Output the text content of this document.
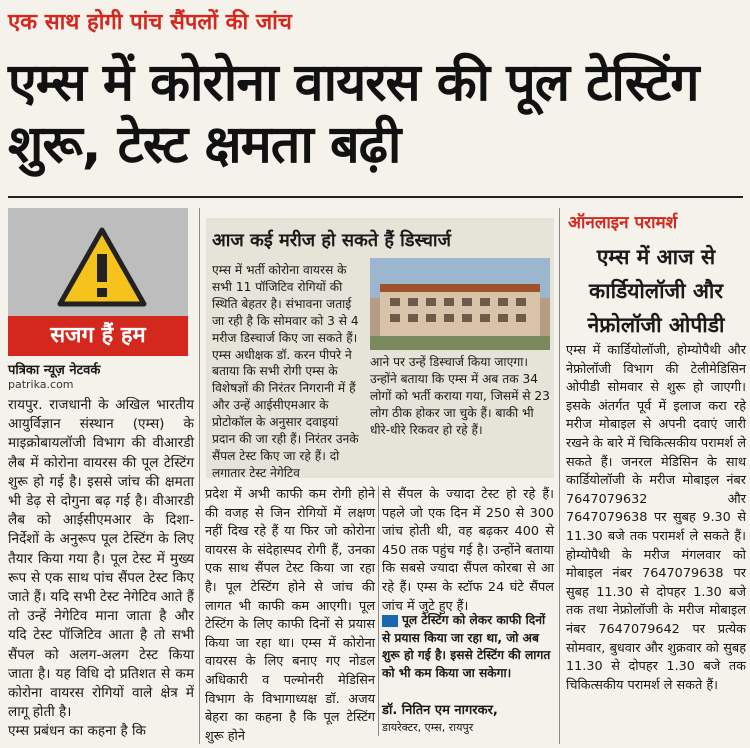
एक साथ होगी पांच सैंपलों की जांच
एम्स में कोरोना वायरस की पूल टेस्टिंग शुरू, टेस्ट क्षमता बढ़ी
सजग हैं हम
पत्रिका न्यूज़ नेटवर्क
patrika.com
रायपुर. राजधानी के अखिल भारतीय आयुर्विज्ञान संस्थान (एम्स) के माइक्रोबायलॉजी विभाग की वीआरडी लैब में कोरोना वायरस की पूल टेस्टिंग शुरू हो गई है। इससे जांच की क्षमता भी डेढ़ से दोगुना बढ़ गई है। वीआरडी लैब को आईसीएमआर के दिशा-निर्देशों के अनुरूप पूल टेस्टिंग के लिए तैयार किया गया है। पूल टेस्ट में मुख्य रूप से एक साथ पांच सैंपल टेस्ट किए जाते हैं। यदि सभी टेस्ट नेगेटिव आते हैं तो उन्हें नेगेटिव माना जाता है और यदि टेस्ट पॉजिटिव आता है तो सभी सैंपल को अलग-अलग टेस्ट किया जाता है। यह विधि दो प्रतिशत से कम कोरोना वायरस रोगियों वाले क्षेत्र में लागू होती है।
एम्स प्रबंधन का कहना है कि
आज कई मरीज हो सकते हैं डिस्चार्ज
एम्स में भर्ती कोरोना वायरस के सभी 11 पॉजिटिव रोगियों की स्थिति बेहतर है। संभावना जताई जा रही है कि सोमवार को 3 से 4 मरीज डिस्चार्ज किए जा सकते हैं। एम्स अधीक्षक डॉ. करन पीपरे ने बताया कि सभी रोगी एम्स के विशेषज्ञों की निरंतर निगरानी में हैं और उन्हें आईसीएमआर के प्रोटोकॉल के अनुसार दवाइयां प्रदान की जा रही हैं। निरंतर उनके सैंपल टेस्ट किए जा रहे हैं। दो लगातार टेस्ट नेगेटिव
आने पर उन्हें डिस्चार्ज किया जाएगा। उन्होंने बताया कि एम्स में अब तक 34 लोगों को भर्ती कराया गया, जिसमें से 23 लोग ठीक होकर जा चुके हैं। बाकी भी धीरे-धीरे रिकवर हो रहे हैं।
प्रदेश में अभी काफी कम रोगी होने की वजह से जिन रोगियों में लक्षण नहीं दिख रहे हैं या फिर जो कोरोना वायरस के संदेहास्पद रोगी हैं, उनका एक साथ सैंपल टेस्ट किया जा रहा है। पूल टेस्टिंग होने से जांच की लागत भी काफी कम आएगी। पूल टेस्टिंग के लिए काफी दिनों से प्रयास किया जा रहा था। एम्स में कोरोना वायरस के लिए बनाए गए नोडल अधिकारी व पल्मोनरी मेडिसिन विभाग के विभागाध्यक्ष डॉ. अजय बेहरा का कहना है कि पूल टेस्टिंग शुरू होने
से सैंपल के ज्यादा टेस्ट हो रहे हैं। पहले जो एक दिन में 250 से 300 जांच होती थी, वह बढ़कर 400 से 450 तक पहुंच गई है। उन्होंने बताया कि सबसे ज्यादा सैंपल कोरबा से आ रहे हैं। एम्स के स्टॉफ 24 घंटे सैंपल जांच में जुटे हुए हैं।
पूल टेस्टिंग को लेकर काफी दिनों से प्रयास किया जा रहा था, जो अब शुरू हो गई है। इससे टेस्टिंग की लागत को भी कम किया जा सकेगा।
डॉ. नितिन एम नागरकर,
डायरेक्टर, एम्स, रायपुर
ऑनलाइन परामर्श
एम्स में आज से कार्डियोलॉजी और नेफ्रोलॉजी ओपीडी
एम्स में कार्डियोलॉजी, होम्योपैथी और नेफ्रोलॉजी विभाग की टेलीमेडिसिन ओपीडी सोमवार से शुरू हो जाएगी। इसके अंतर्गत पूर्व में इलाज करा रहे मरीज मोबाइल से अपनी दवाएं जारी रखने के बारे में चिकित्सकीय परामर्श ले सकते हैं। जनरल मेडिसिन के साथ कार्डियोलॉजी के मरीज मोबाइल नंबर 7647079632 और 7647079638 पर सुबह 9.30 से 11.30 बजे तक परामर्श ले सकते हैं। होम्योपैथी के मरीज मंगलवार को मोबाइल नंबर 7647079638 पर सुबह 11.30 से दोपहर 1.30 बजे तक तथा नेफ्रोलॉजी के मरीज मोबाइल नंबर 7647079642 पर प्रत्येक सोमवार, बुधवार और शुक्रवार को सुबह 11.30 से दोपहर 1.30 बजे तक चिकित्सकीय परामर्श ले सकते हैं।
